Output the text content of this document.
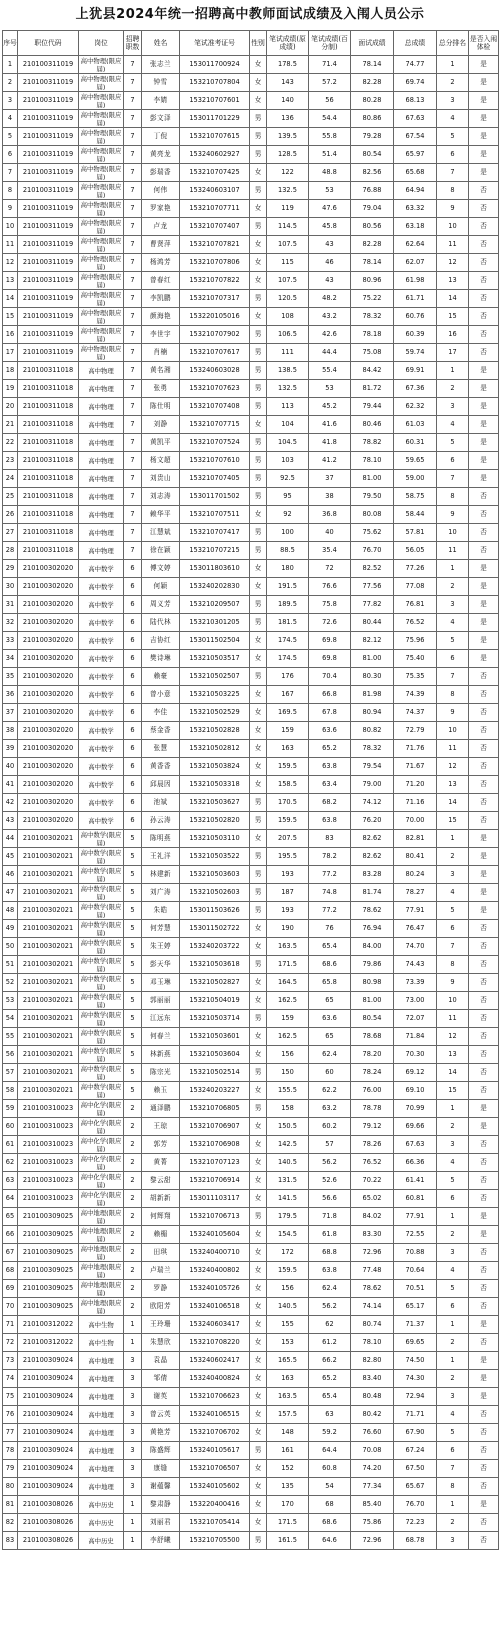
上犹县2024年统一招聘高中教师面试成绩及入闱人员公示
序号	职位代码	岗位	招聘职数	姓名	笔试准考证号	性别	笔试成绩(原成绩)	笔试成绩(百分制)	面试成绩	总成绩	总分排名	是否入闱体检
1	210100311019	高中物理(限应届)	7	张志兰	153011700924	女	178.5	71.4	78.14	74.77	1	是
2	210100311019	高中物理(限应届)	7	钟雪	153210707804	女	143	57.2	82.28	69.74	2	是
3	210100311019	高中物理(限应届)	7	李婧	153210707601	女	140	56	80.28	68.13	3	是
4	210100311019	高中物理(限应届)	7	彭文泽	153011701229	男	136	54.4	80.86	67.63	4	是
5	210100311019	高中物理(限应届)	7	丁倪	153210707615	男	139.5	55.8	79.28	67.54	5	是
6	210100311019	高中物理(限应届)	7	黄亮龙	153240602927	男	128.5	51.4	80.54	65.97	6	是
7	210100311019	高中物理(限应届)	7	彭瑞香	153210707425	女	122	48.8	82.56	65.68	7	是
8	210100311019	高中物理(限应届)	7	何伟	153240603107	男	132.5	53	76.88	64.94	8	否
9	210100311019	高中物理(限应届)	7	罗家艳	153210707711	女	119	47.6	79.04	63.32	9	否
10	210100311019	高中物理(限应届)	7	卢龙	153210707407	男	114.5	45.8	80.56	63.18	10	否
11	210100311019	高中物理(限应届)	7	曹贤萍	153210707821	女	107.5	43	82.28	62.64	11	否
12	210100311019	高中物理(限应届)	7	杨鸿芳	153210707806	女	115	46	78.14	62.07	12	否
13	210100311019	高中物理(限应届)	7	曾春红	153210707822	女	107.5	43	80.96	61.98	13	否
14	210100311019	高中物理(限应届)	7	李凯鹏	153210707317	男	120.5	48.2	75.22	61.71	14	否
15	210100311019	高中物理(限应届)	7	颜海艳	153220105016	女	108	43.2	78.32	60.76	15	否
16	210100311019	高中物理(限应届)	7	李世宇	153210707902	男	106.5	42.6	78.18	60.39	16	否
17	210100311019	高中物理(限应届)	7	肖楠	153210707617	男	111	44.4	75.08	59.74	17	否
18	210100311018	高中物理	7	黄名湘	153240603028	男	138.5	55.4	84.42	69.91	1	是
19	210100311018	高中物理	7	张勇	153210707623	男	132.5	53	81.72	67.36	2	是
20	210100311018	高中物理	7	陈仕明	153210707408	男	113	45.2	79.44	62.32	3	是
21	210100311018	高中物理	7	刘静	153210707715	女	104	41.6	80.46	61.03	4	是
22	210100311018	高中物理	7	黄凯平	153210707524	男	104.5	41.8	78.82	60.31	5	是
23	210100311018	高中物理	7	杨文超	153210707610	男	103	41.2	78.10	59.65	6	是
24	210100311018	高中物理	7	刘贵山	153210707405	男	92.5	37	81.00	59.00	7	是
25	210100311018	高中物理	7	刘志涛	153011701502	男	95	38	79.50	58.75	8	否
26	210100311018	高中物理	7	赖华平	153210707511	女	92	36.8	80.08	58.44	9	否
27	210100311018	高中物理	7	江慧斌	153210707417	男	100	40	75.62	57.81	10	否
28	210100311018	高中物理	7	徐在颖	153210707215	男	88.5	35.4	76.70	56.05	11	否
29	210100302020	高中数学	6	傅文婷	153011803610	女	180	72	82.52	77.26	1	是
30	210100302020	高中数学	6	何颖	153240202830	女	191.5	76.6	77.56	77.08	2	是
31	210100302020	高中数学	6	周义芳	153210209507	男	189.5	75.8	77.82	76.81	3	是
32	210100302020	高中数学	6	陆代林	153210301205	男	181.5	72.6	80.44	76.52	4	是
33	210100302020	高中数学	6	吉协红	153011502504	女	174.5	69.8	82.12	75.96	5	是
34	210100302020	高中数学	6	樊诗琳	153210503517	女	174.5	69.8	81.00	75.40	6	是
35	210100302020	高中数学	6	赖豪	153210502507	男	176	70.4	80.30	75.35	7	否
36	210100302020	高中数学	6	曾小意	153210503225	女	167	66.8	81.98	74.39	8	否
37	210100302020	高中数学	6	李佳	153210502529	女	169.5	67.8	80.94	74.37	9	否
38	210100302020	高中数学	6	蔡金香	153210502828	女	159	63.6	80.82	72.79	10	否
39	210100302020	高中数学	6	张慧	153210502812	女	163	65.2	78.32	71.76	11	否
40	210100302020	高中数学	6	黄香香	153210503824	女	159.5	63.8	79.54	71.67	12	否
41	210100302020	高中数学	6	邱晨因	153210503318	女	158.5	63.4	79.00	71.20	13	否
42	210100302020	高中数学	6	池斌	153210503627	男	170.5	68.2	74.12	71.16	14	否
43	210100302020	高中数学	6	孙云涛	153210502820	男	159.5	63.8	76.20	70.00	15	否
44	210100302021	高中数学(限应届)	5	陈明燕	153210503110	女	207.5	83	82.62	82.81	1	是
45	210100302021	高中数学(限应届)	5	王礼洋	153210503522	男	195.5	78.2	82.62	80.41	2	是
46	210100302021	高中数学(限应届)	5	林建新	153210503603	男	193	77.2	83.28	80.24	3	是
47	210100302021	高中数学(限应届)	5	刘广涛	153210502603	男	187	74.8	81.74	78.27	4	是
48	210100302021	高中数学(限应届)	5	朱皓	153011503626	男	193	77.2	78.62	77.91	5	是
49	210100302021	高中数学(限应届)	5	何芳慧	153011502722	女	190	76	76.94	76.47	6	否
50	210100302021	高中数学(限应届)	5	朱王婷	153240203722	女	163.5	65.4	84.00	74.70	7	否
51	210100302021	高中数学(限应届)	5	彭天华	153210503618	男	171.5	68.6	79.86	74.43	8	否
52	210100302021	高中数学(限应届)	5	邓玉琳	153210502827	女	164.5	65.8	80.98	73.39	9	否
53	210100302021	高中数学(限应届)	5	郭丽丽	153210504019	女	162.5	65	81.00	73.00	10	否
54	210100302021	高中数学(限应届)	5	江远东	153210503714	男	159	63.6	80.54	72.07	11	否
55	210100302021	高中数学(限应届)	5	何春兰	153210503601	女	162.5	65	78.68	71.84	12	否
56	210100302021	高中数学(限应届)	5	林新燕	153210503604	女	156	62.4	78.20	70.30	13	否
57	210100302021	高中数学(限应届)	5	陈宗光	153210502514	男	150	60	78.24	69.12	14	否
58	210100302021	高中数学(限应届)	5	赖玉	153240203227	女	155.5	62.2	76.00	69.10	15	否
59	210100310023	高中化学(限应届)	2	通泽鹏	153210706805	男	158	63.2	78.78	70.99	1	是
60	210100310023	高中化学(限应届)	2	王琼	153210706907	女	150.5	60.2	79.12	69.66	2	是
61	210100310023	高中化学(限应届)	2	郭芳	153210706908	女	142.5	57	78.26	67.63	3	否
62	210100310023	高中化学(限应届)	2	黄菁	153210707123	女	140.5	56.2	76.52	66.36	4	否
63	210100310023	高中化学(限应届)	2	黎云甜	153210706914	女	131.5	52.6	70.22	61.41	5	否
64	210100310023	高中化学(限应届)	2	胡新新	153011103117	女	141.5	56.6	65.02	60.81	6	否
65	210100309025	高中地理(限应届)	2	何辉翔	153210706713	男	179.5	71.8	84.02	77.91	1	是
66	210100309025	高中地理(限应届)	2	赖楣	153240105604	女	154.5	61.8	83.30	72.55	2	是
67	210100309025	高中地理(限应届)	2	田琪	153240400710	女	172	68.8	72.96	70.88	3	否
68	210100309025	高中地理(限应届)	2	卢瑞兰	153240400802	女	159.5	63.8	77.48	70.64	4	否
69	210100309025	高中地理(限应届)	2	罗静	153240105726	女	156	62.4	78.62	70.51	5	否
70	210100309025	高中地理(限应届)	2	欧阳芳	153240106518	女	140.5	56.2	74.14	65.17	6	否
71	210100312022	高中生物	1	王玲珊	153240603417	女	155	62	80.74	71.37	1	是
72	210100312022	高中生物	1	朱慧欣	153210708220	女	153	61.2	78.10	69.65	2	否
73	210100309024	高中地理	3	袁晶	153240602417	女	165.5	66.2	82.80	74.50	1	是
74	210100309024	高中地理	3	邹倩	153240400824	女	163	65.2	83.40	74.30	2	是
75	210100309024	高中地理	3	谢英	153210706623	女	163.5	65.4	80.48	72.94	3	是
76	210100309024	高中地理	3	曾云英	153240106515	女	157.5	63	80.42	71.71	4	否
77	210100309024	高中地理	3	黄艳芳	153210706702	女	148	59.2	76.60	67.90	5	否
78	210100309024	高中地理	3	陈盛辉	153240105617	男	161	64.4	70.08	67.24	6	否
79	210100309024	高中地理	3	康缝	153210706507	女	152	60.8	74.20	67.50	7	否
80	210100309024	高中地理	3	谢蕴馨	153240105602	女	135	54	77.34	65.67	8	否
81	210100308026	高中历史	1	黎肃静	153220400416	女	170	68	85.40	76.70	1	是
82	210100308026	高中历史	1	刘丽君	153210705414	女	171.5	68.6	75.86	72.23	2	否
83	210100308026	高中历史	1	李舒曦	153210705500	男	161.5	64.6	72.96	68.78	3	否
